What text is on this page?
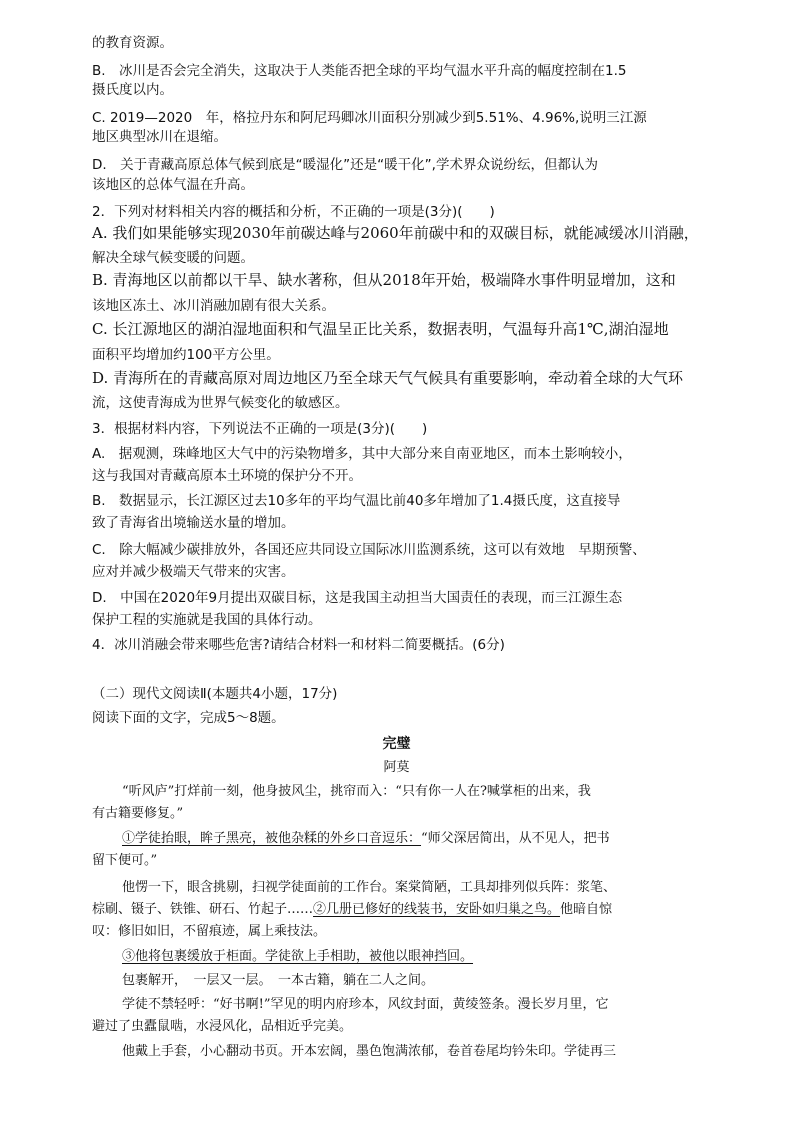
的教育资源。
B.　冰川是否会完全消失，这取决于人类能否把全球的平均气温水平升高的幅度控制在1.5
摄氏度以内。
C. 2019—2020　年，格拉丹东和阿尼玛卿冰川面积分别减少到5.51%、4.96%,说明三江源
地区典型冰川在退缩。
D.　关于青藏高原总体气候到底是“暖湿化”还是“暖干化”,学术界众说纷纭，但都认为
该地区的总体气温在升高。
2．下列对材料相关内容的概括和分析，不正确的一项是(3分)(　　)
A. 我们如果能够实现2030年前碳达峰与2060年前碳中和的双碳目标，就能减缓冰川消融，
解决全球气候变暖的问题。
B. 青海地区以前都以干旱、缺水著称，但从2018年开始，极端降水事件明显增加，这和
该地区冻土、冰川消融加剧有很大关系。
C. 长江源地区的湖泊湿地面积和气温呈正比关系，数据表明，气温每升高1℃,湖泊湿地
面积平均增加约100平方公里。
D. 青海所在的青藏高原对周边地区乃至全球天气气候具有重要影响，牵动着全球的大气环
流，这使青海成为世界气候变化的敏感区。
3．根据材料内容，下列说法不正确的一项是(3分)(　　)
A.　据观测，珠峰地区大气中的污染物增多，其中大部分来自南亚地区，而本土影响较小，
这与我国对青藏高原本土环境的保护分不开。
B.　数据显示，长江源区过去10多年的平均气温比前40多年增加了1.4摄氏度，这直接导
致了青海省出境输送水量的增加。
C.　除大幅减少碳排放外，各国还应共同设立国际冰川监测系统，这可以有效地　早期预警、
应对并减少极端天气带来的灾害。
D.　中国在2020年9月提出双碳目标，这是我国主动担当大国责任的表现，而三江源生态
保护工程的实施就是我国的具体行动。
4．冰川消融会带来哪些危害?请结合材料一和材料二简要概括。(6分)
（二）现代文阅读Ⅱ(本题共4小题，17分)
阅读下面的文字，完成5～8题。
完璧
阿莫
“听风庐”打烊前一刻，他身披风尘，挑帘而入：“只有你一人在?喊掌柜的出来，我
有古籍要修复。”
①学徒抬眼，眸子黑亮，被他杂糅的外乡口音逗乐：“师父深居简出，从不见人，把书
留下便可。”
他愣一下，眼含挑剔，扫视学徒面前的工作台。案棠简陋，工具却排列似兵阵：浆笔、
棕刷、镊子、铁锥、研石、竹起子……②几册已修好的线装书，安卧如归巢之鸟。他暗自惊
叹：修旧如旧，不留痕迹，属上乘技法。
③他将包裹缓放于柜面。学徒欲上手相助，被他以眼神挡回。
包裹解开，　一层又一层。　一本古籍，躺在二人之间。
学徒不禁轻呼：“好书啊!”罕见的明内府珍本，风纹封面，黄绫签条。漫长岁月里，它
避过了虫蠹鼠啮，水浸风化，品相近乎完美。
他戴上手套，小心翻动书页。开本宏阔，墨色饱满浓郁，卷首卷尾均钤朱印。学徒再三
